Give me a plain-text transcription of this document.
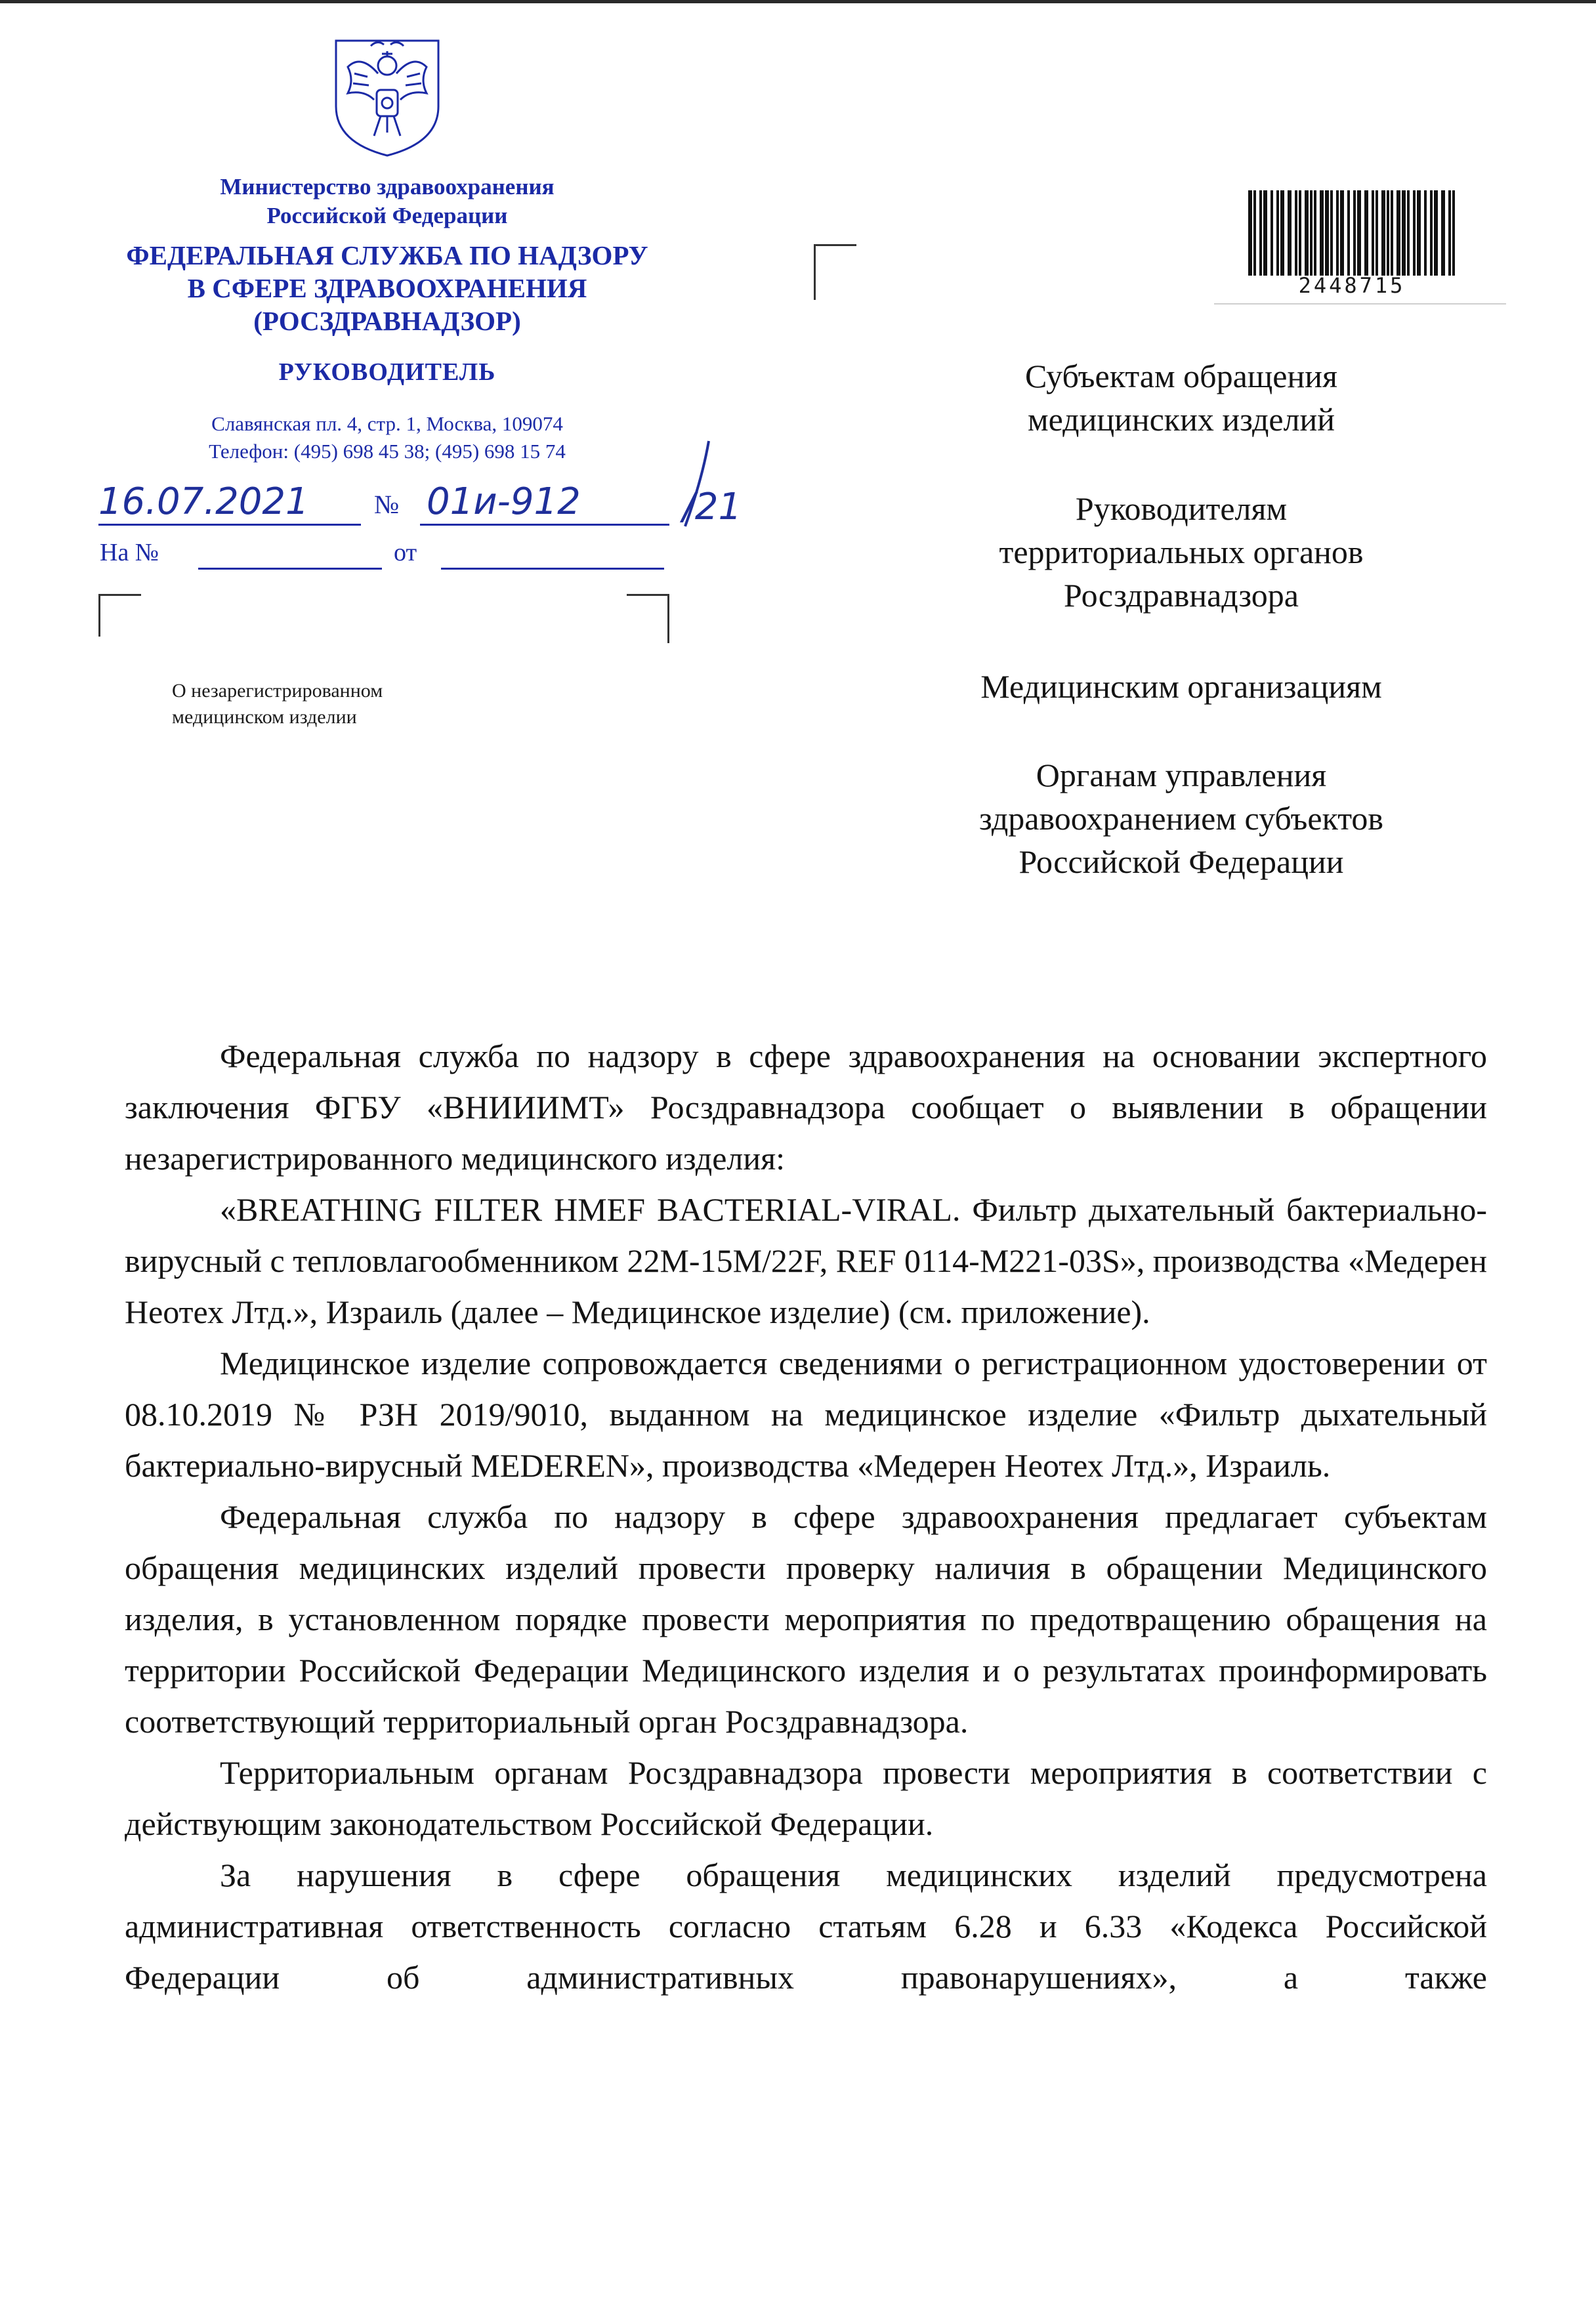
Министерство здравоохранения
Российской Федерации
ФЕДЕРАЛЬНАЯ СЛУЖБА ПО НАДЗОРУ
В СФЕРЕ ЗДРАВООХРАНЕНИЯ
(РОСЗДРАВНАДЗОР)
РУКОВОДИТЕЛЬ
Славянская пл. 4, стр. 1, Москва, 109074
Телефон: (495) 698 45 38; (495) 698 15 74
16.07.2021 № 01и-912	/21
На №	от
О незарегистрированном
медицинском изделии
2448715
Субъектам обращения
медицинских изделий
Руководителям
территориальных органов
Росздравнадзора
Медицинским организациям
Органам управления
здравоохранением субъектов
Российской Федерации

Федеральная служба по надзору в сфере здравоохранения на основании экспертного заключения ФГБУ «ВНИИИМТ» Росздравнадзора сообщает о выявлении в обращении незарегистрированного медицинского изделия:

«BREATHING FILTER HMEF BACTERIAL-VIRAL. Фильтр дыхательный бактериально-вирусный с тепловлагообменником 22M-15M/22F, REF 0114-M221-03S», производства «Медерен Неотех Лтд.», Израиль (далее – Медицинское изделие) (см. приложение).

Медицинское изделие сопровождается сведениями о регистрационном удостоверении от 08.10.2019 № РЗН 2019/9010, выданном на медицинское изделие «Фильтр дыхательный бактериально-вирусный MEDEREN», производства «Медерен Неотех Лтд.», Израиль.

Федеральная служба по надзору в сфере здравоохранения предлагает субъектам обращения медицинских изделий провести проверку наличия в обращении Медицинского изделия, в установленном порядке провести мероприятия по предотвращению обращения на территории Российской Федерации Медицинского изделия и о результатах проинформировать соответствующий территориальный орган Росздравнадзора.

Территориальным органам Росздравнадзора провести мероприятия в соответствии с действующим законодательством Российской Федерации.

За нарушения в сфере обращения медицинских изделий предусмотрена административная ответственность согласно статьям 6.28 и 6.33 «Кодекса Российской Федерации об административных правонарушениях», а также
